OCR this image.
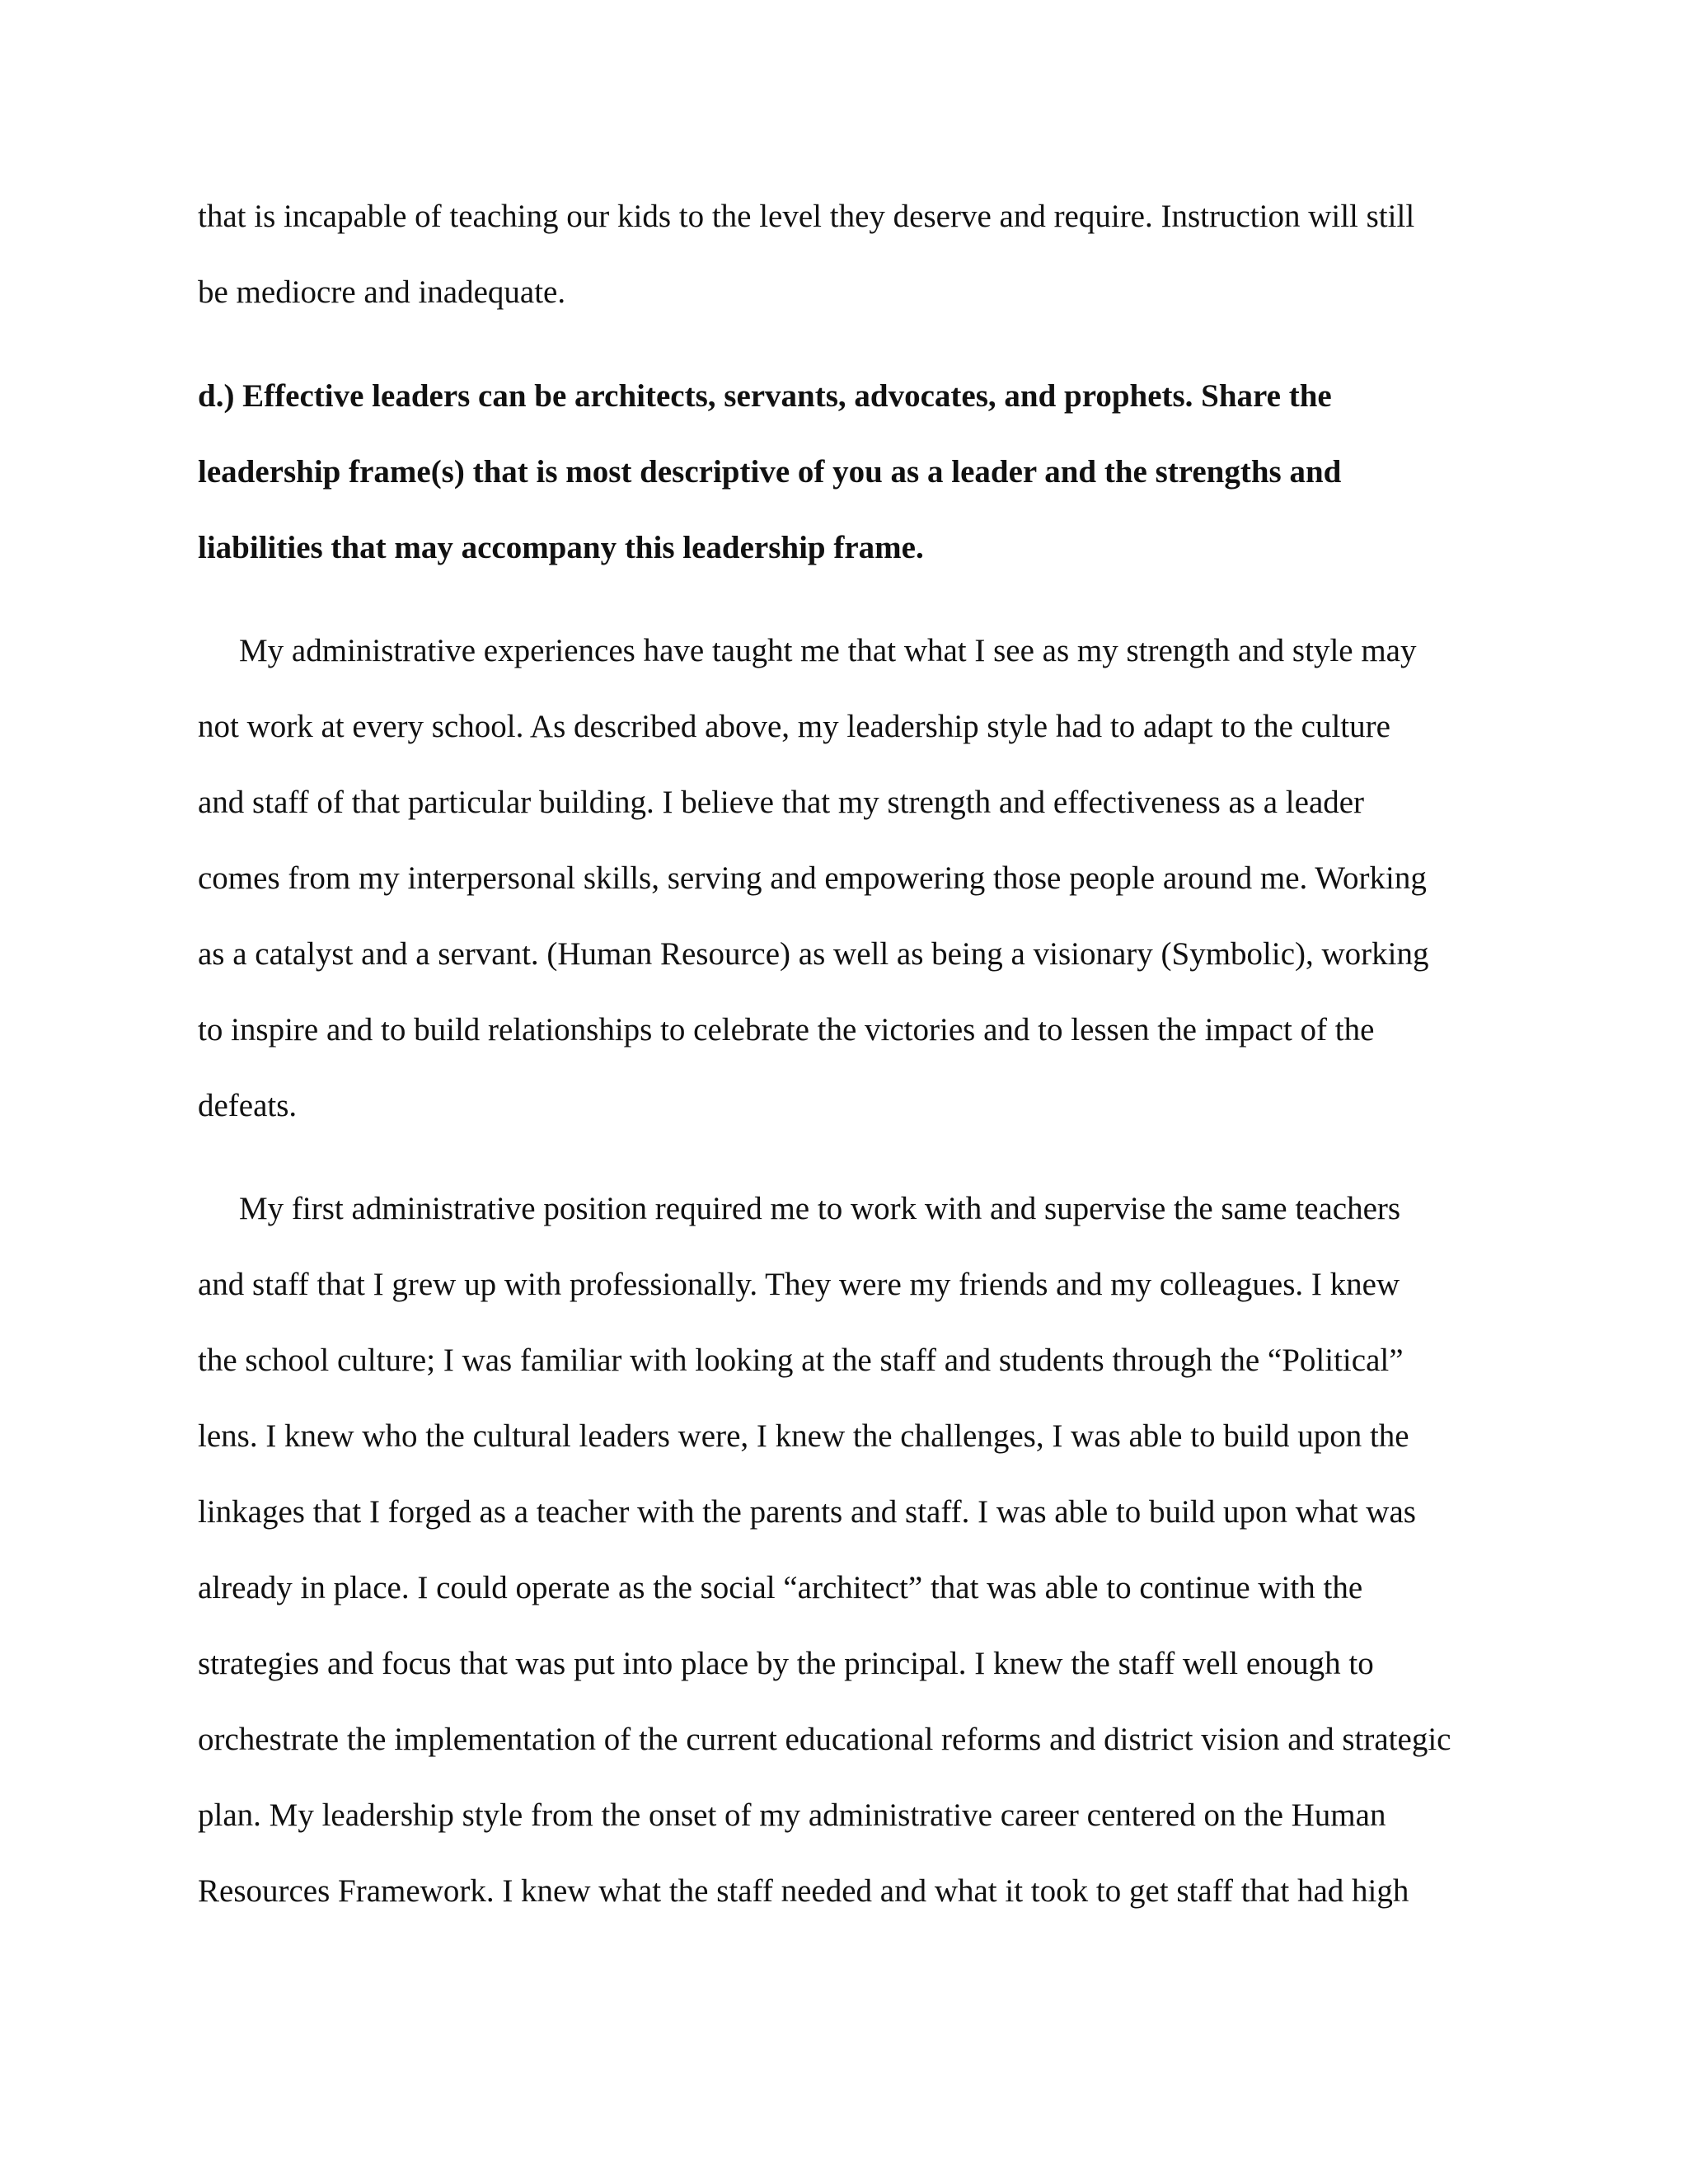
that is incapable of teaching our kids to the level they deserve and require. Instruction will still

be mediocre and inadequate.

d.) Effective leaders can be architects, servants, advocates, and prophets. Share the

leadership frame(s) that is most descriptive of you as a leader and the strengths and

liabilities that may accompany this leadership frame.

My administrative experiences have taught me that what I see as my strength and style may

not work at every school. As described above, my leadership style had to adapt to the culture

and staff of that particular building. I believe that my strength and effectiveness as a leader

comes from my interpersonal skills, serving and empowering those people around me. Working

as a catalyst and a servant. (Human Resource) as well as being a visionary (Symbolic), working

to inspire and to build relationships to celebrate the victories and to lessen the impact of the

defeats.

My first administrative position required me to work with and supervise the same teachers

and staff that I grew up with professionally. They were my friends and my colleagues. I knew

the school culture; I was familiar with looking at the staff and students through the “Political”

lens. I knew who the cultural leaders were, I knew the challenges, I was able to build upon the

linkages that I forged as a teacher with the parents and staff. I was able to build upon what was

already in place. I could operate as the social “architect” that was able to continue with the

strategies and focus that was put into place by the principal. I knew the staff well enough to

orchestrate the implementation of the current educational reforms and district vision and strategic

plan. My leadership style from the onset of my administrative career centered on the Human

Resources Framework. I knew what the staff needed and what it took to get staff that had high
